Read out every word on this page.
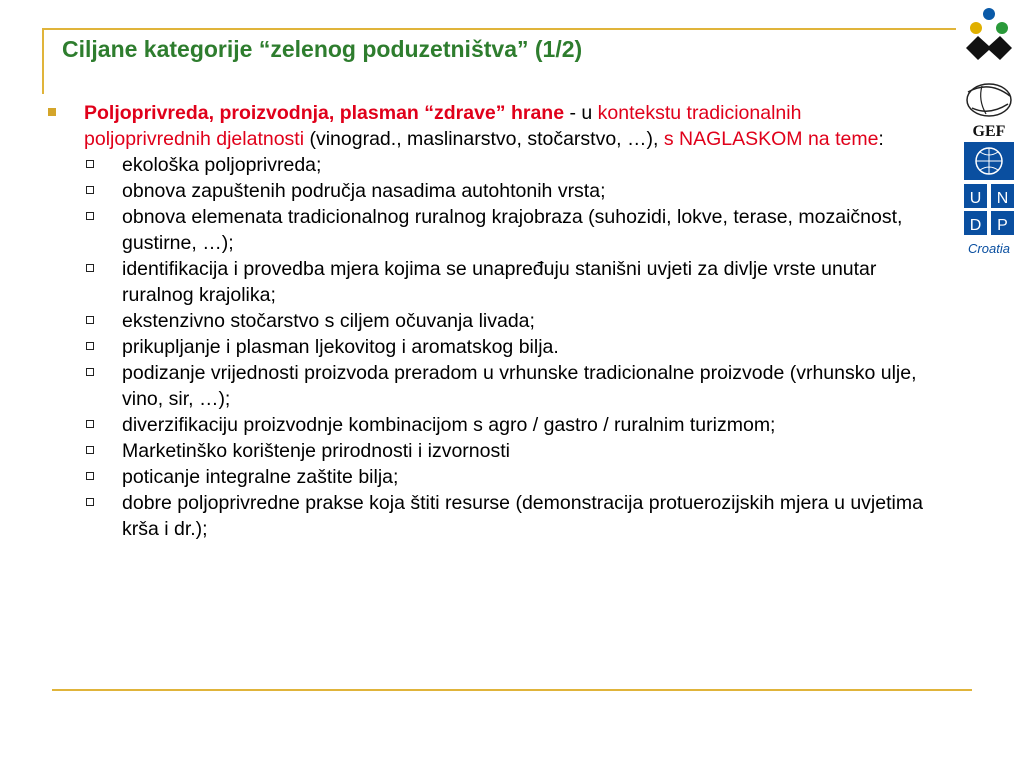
Ciljane kategorije “zelenog poduzetništva” (1/2)
Poljoprivreda, proizvodnja, plasman “zdrave” hrane - u kontekstu tradicionalnih poljoprivrednih djelatnosti (vinograd., maslinarstvo, stočarstvo, …), s NAGLASKOM na teme:
ekološka poljoprivreda;
obnova zapuštenih područja nasadima autohtonih vrsta;
obnova elemenata tradicionalnog ruralnog krajobraza (suhozidi, lokve, terase, mozaičnost, gustirne, …);
identifikacija i provedba mjera kojima se unapređuju stanišni uvjeti za divlje vrste unutar ruralnog krajolika;
ekstenzivno stočarstvo s ciljem očuvanja livada;
prikupljanje i plasman ljekovitog i aromatskog bilja.
podizanje vrijednosti proizvoda preradom u vrhunske tradicionalne proizvode (vrhunsko ulje, vino, sir, …);
diverzifikaciju proizvodnje kombinacijom s agro / gastro / ruralnim turizmom;
Marketinško korištenje prirodnosti i izvornosti
poticanje integralne zaštite bilja;
dobre poljoprivredne prakse koja štiti resurse (demonstracija protuerozijskih mjera u uvjetima krša i dr.);
GEF
U N
D P
Croatia
